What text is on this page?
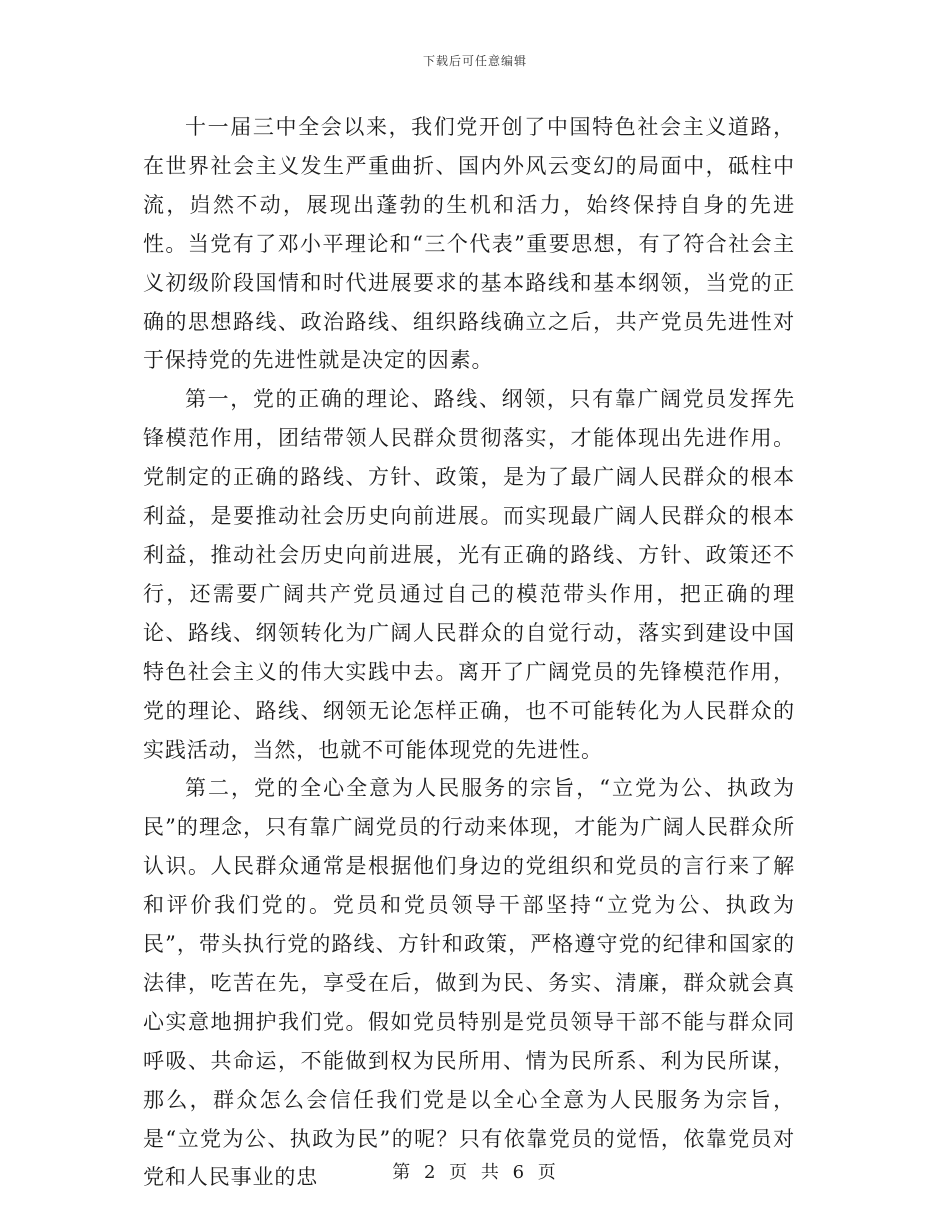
下载后可任意编辑

十一届三中全会以来，我们党开创了中国特色社会主义道路，在世界社会主义发生严重曲折、国内外风云变幻的局面中，砥柱中流，岿然不动，展现出蓬勃的生机和活力，始终保持自身的先进性。当党有了邓小平理论和“三个代表”重要思想，有了符合社会主义初级阶段国情和时代进展要求的基本路线和基本纲领，当党的正确的思想路线、政治路线、组织路线确立之后，共产党员先进性对于保持党的先进性就是决定的因素。

第一，党的正确的理论、路线、纲领，只有靠广阔党员发挥先锋模范作用，团结带领人民群众贯彻落实，才能体现出先进作用。党制定的正确的路线、方针、政策，是为了最广阔人民群众的根本利益，是要推动社会历史向前进展。而实现最广阔人民群众的根本利益，推动社会历史向前进展，光有正确的路线、方针、政策还不行，还需要广阔共产党员通过自己的模范带头作用，把正确的理论、路线、纲领转化为广阔人民群众的自觉行动，落实到建设中国特色社会主义的伟大实践中去。离开了广阔党员的先锋模范作用，党的理论、路线、纲领无论怎样正确，也不可能转化为人民群众的实践活动，当然，也就不可能体现党的先进性。

第二，党的全心全意为人民服务的宗旨，“立党为公、执政为民”的理念，只有靠广阔党员的行动来体现，才能为广阔人民群众所认识。人民群众通常是根据他们身边的党组织和党员的言行来了解和评价我们党的。党员和党员领导干部坚持“立党为公、执政为民”，带头执行党的路线、方针和政策，严格遵守党的纪律和国家的法律，吃苦在先，享受在后，做到为民、务实、清廉，群众就会真心实意地拥护我们党。假如党员特别是党员领导干部不能与群众同呼吸、共命运，不能做到权为民所用、情为民所系、利为民所谋，那么，群众怎么会信任我们党是以全心全意为人民服务为宗旨，是“立党为公、执政为民”的呢？只有依靠党员的觉悟，依靠党员对党和人民事业的忠	第 2 页 共 6 页
